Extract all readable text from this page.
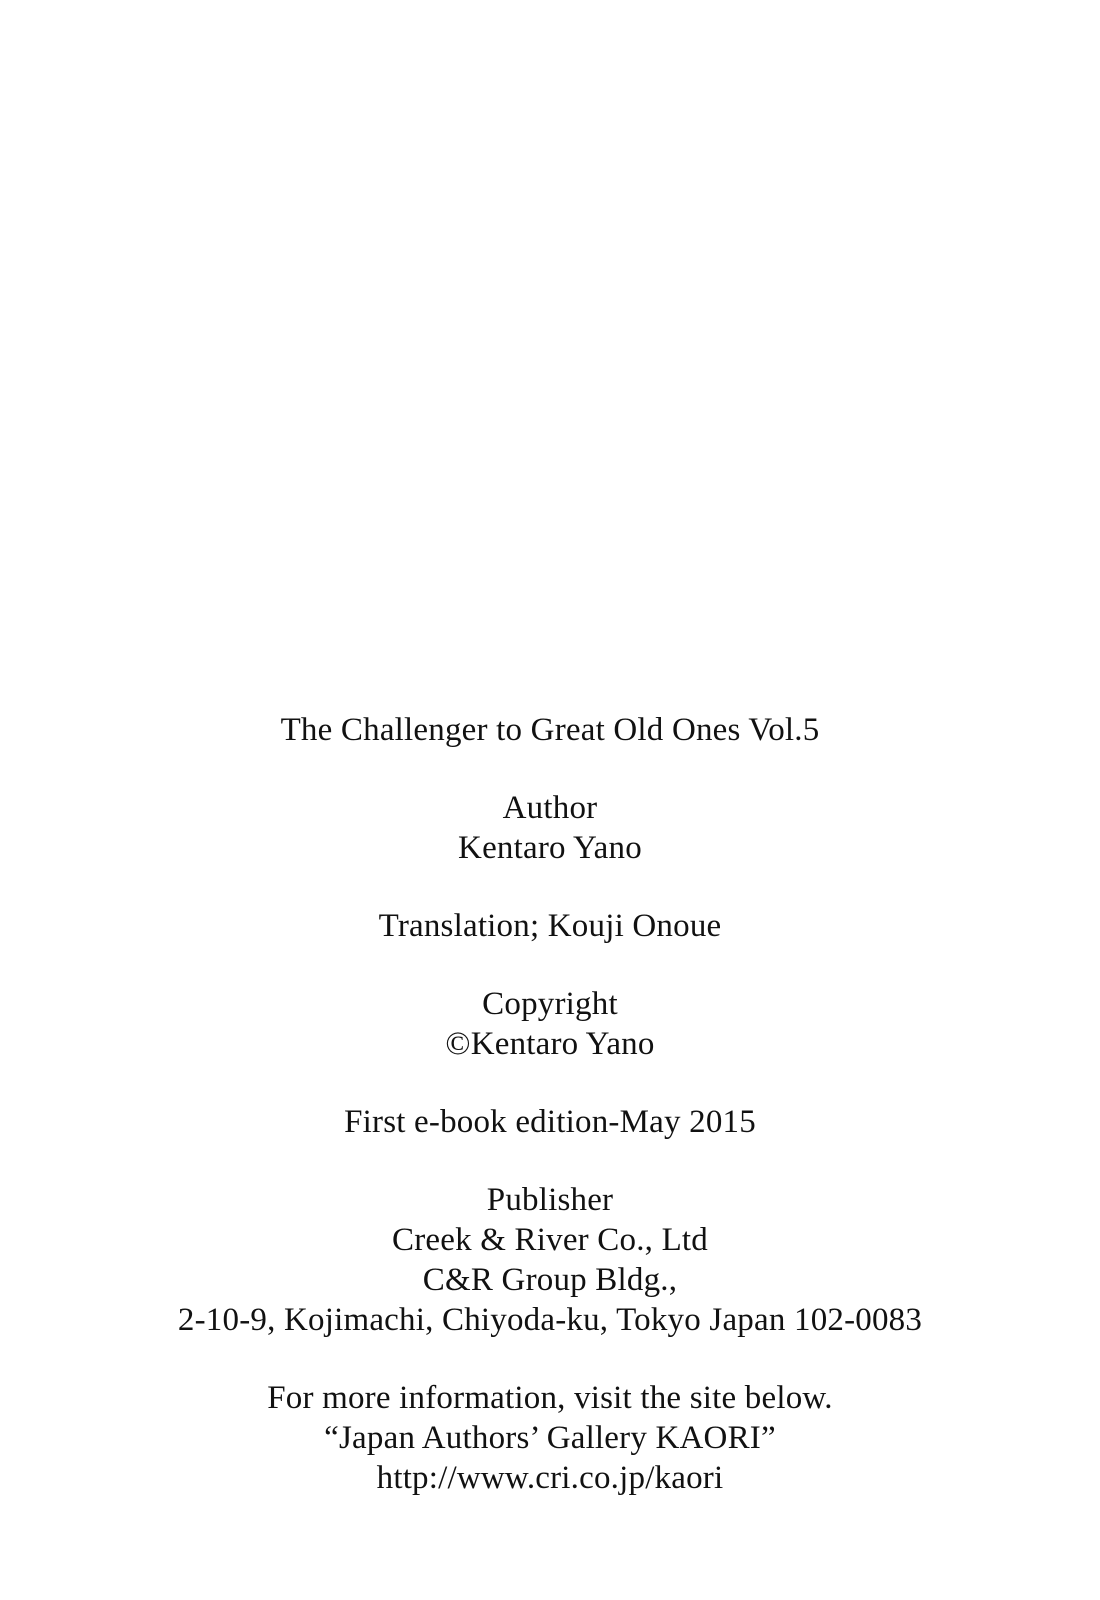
The Challenger to Great Old Ones Vol.5
Author
Kentaro Yano
Translation; Kouji Onoue
Copyright
©Kentaro Yano
First e-book edition-May 2015
Publisher
Creek & River Co., Ltd
C&R Group Bldg.,
2-10-9, Kojimachi, Chiyoda-ku, Tokyo Japan 102-0083
For more information, visit the site below.
“Japan Authors’ Gallery KAORI”
http://www.cri.co.jp/kaori
